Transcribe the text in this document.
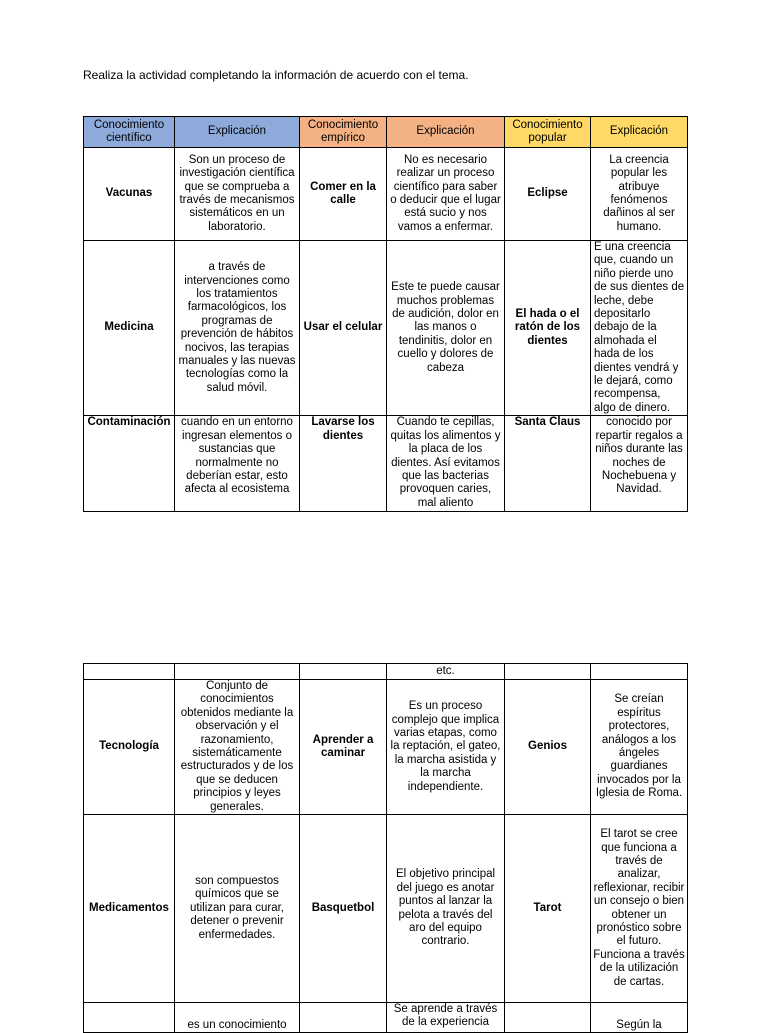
Realiza la actividad completando la información de acuerdo con el tema.
Conocimiento científico	Explicación	Conocimiento empírico	Explicación	Conocimiento popular	Explicación
Vacunas	Son un proceso de investigación científica que se comprueba a través de mecanismos sistemáticos en un laboratorio.	Comer en la calle	No es necesario realizar un proceso científico para saber o deducir que el lugar está sucio y nos vamos a enfermar.	Eclipse	La creencia popular les atribuye fenómenos dañinos al ser humano.
Medicina	a través de intervenciones como los tratamientos farmacológicos, los programas de prevención de hábitos nocivos, las terapias manuales y las nuevas tecnologías como la salud móvil.	Usar el celular	Este te puede causar muchos problemas de audición, dolor en las manos o tendinitis, dolor en cuello y dolores de cabeza	El hada o el ratón de los dientes	E una creencia que, cuando un niño pierde uno de sus dientes de leche, debe depositarlo debajo de la almohada el hada de los dientes vendrá y le dejará, como recompensa, algo de dinero.
Contaminación	cuando en un entorno ingresan elementos o sustancias que normalmente no deberían estar, esto afecta al ecosistema	Lavarse los dientes	Cuando te cepillas, quitas los alimentos y la placa de los dientes. Así evitamos que las bacterias provoquen caries, mal aliento	Santa Claus	conocido por repartir regalos a niños durante las noches de Nochebuena y Navidad.
			etc.		
Tecnología	Conjunto de conocimientos obtenidos mediante la observación y el razonamiento, sistemáticamente estructurados y de los que se deducen principios y leyes generales.	Aprender a caminar	Es un proceso complejo que implica varias etapas, como la reptación, el gateo, la marcha asistida y la marcha independiente.	Genios	Se creían espíritus protectores, análogos a los ángeles guardianes invocados por la Iglesia de Roma.
Medicamentos	son compuestos químicos que se utilizan para curar, detener o prevenir enfermedades.	Basquetbol	El objetivo principal del juego es anotar puntos al lanzar la pelota a través del aro del equipo contrario.	Tarot	El tarot se cree que funciona a través de analizar, reflexionar, recibir un consejo o bien obtener un pronóstico sobre el futuro. Funciona a través de la utilización de cartas.
	es un conocimiento		Se aprende a través de la experiencia		Según la
